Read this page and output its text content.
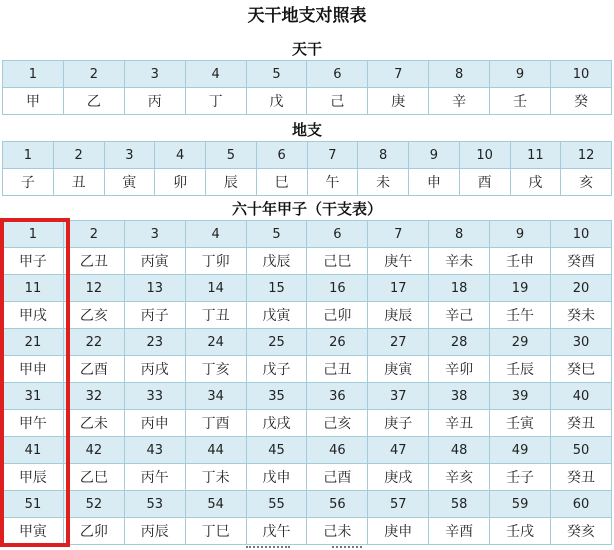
天干地支对照表
天干
1	2	3	4	5	6	7	8	9	10
甲	乙	丙	丁	戊	己	庚	辛	壬	癸
地支
1	2	3	4	5	6	7	8	9	10	11	12
子	丑	寅	卯	辰	巳	午	未	申	酉	戌	亥
六十年甲子（干支表）
1	2	3	4	5	6	7	8	9	10
甲子	乙丑	丙寅	丁卯	戊辰	己巳	庚午	辛未	壬申	癸酉
11	12	13	14	15	16	17	18	19	20
甲戌	乙亥	丙子	丁丑	戊寅	己卯	庚辰	辛己	壬午	癸未
21	22	23	24	25	26	27	28	29	30
甲申	乙酉	丙戌	丁亥	戊子	己丑	庚寅	辛卯	壬辰	癸巳
31	32	33	34	35	36	37	38	39	40
甲午	乙未	丙申	丁酉	戊戌	己亥	庚子	辛丑	壬寅	癸丑
41	42	43	44	45	46	47	48	49	50
甲辰	乙巳	丙午	丁未	戊申	己酉	庚戌	辛亥	壬子	癸丑
51	52	53	54	55	56	57	58	59	60
甲寅	乙卯	丙辰	丁巳	戊午	己未	庚申	辛酉	壬戌	癸亥
